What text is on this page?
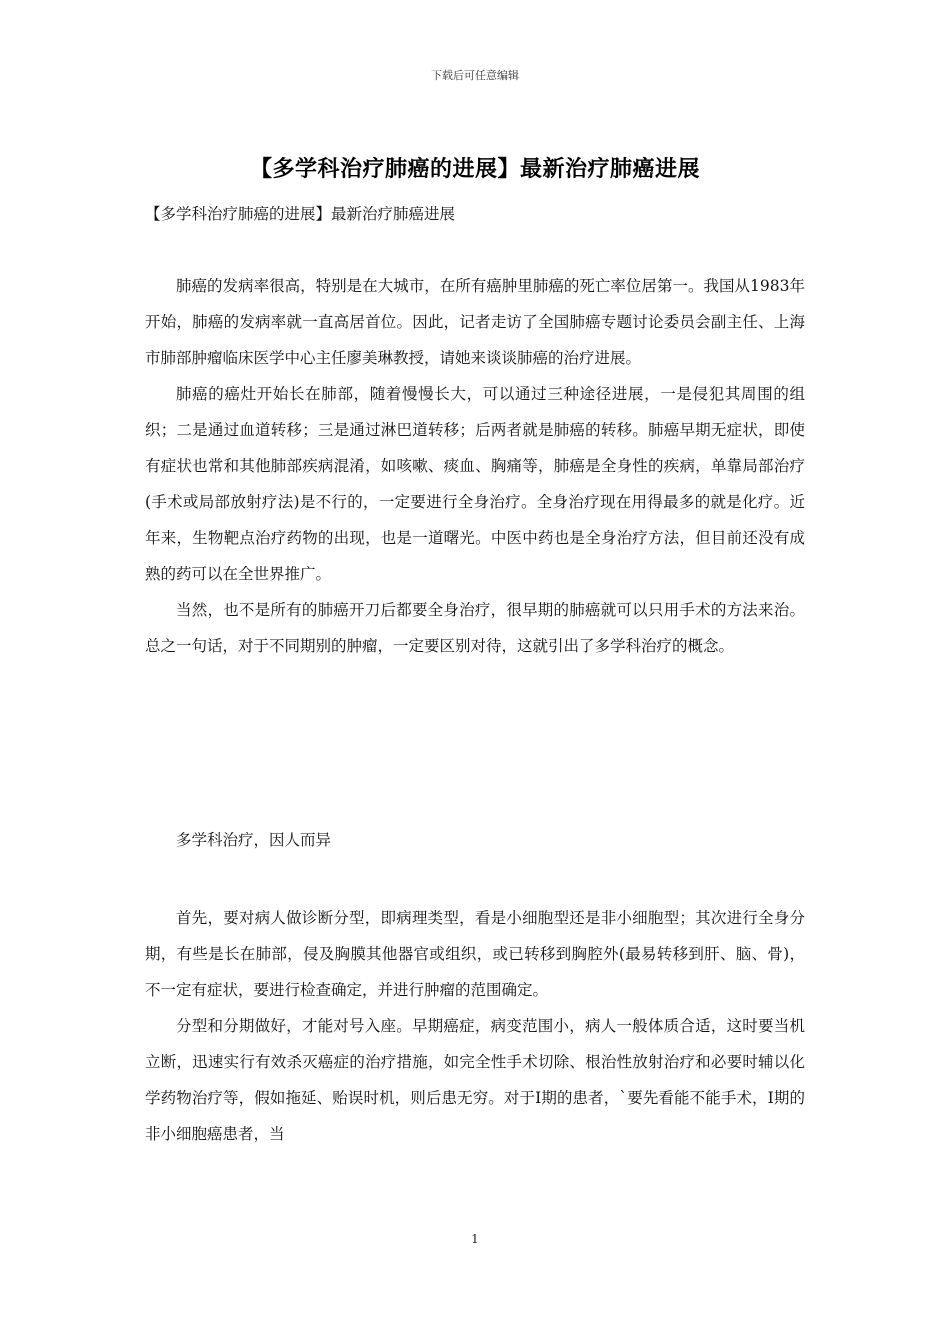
下载后可任意编辑
【多学科治疗肺癌的进展】最新治疗肺癌进展
【多学科治疗肺癌的进展】最新治疗肺癌进展

肺癌的发病率很高，特别是在大城市，在所有癌肿里肺癌的死亡率位居第一。我国从1983年开始，肺癌的发病率就一直高居首位。因此，记者走访了全国肺癌专题讨论委员会副主任、上海市肺部肿瘤临床医学中心主任廖美琳教授，请她来谈谈肺癌的治疗进展。

肺癌的癌灶开始长在肺部，随着慢慢长大，可以通过三种途径进展，一是侵犯其周围的组织；二是通过血道转移；三是通过淋巴道转移；后两者就是肺癌的转移。肺癌早期无症状，即使有症状也常和其他肺部疾病混淆，如咳嗽、痰血、胸痛等，肺癌是全身性的疾病，单靠局部治疗(手术或局部放射疗法)是不行的，一定要进行全身治疗。全身治疗现在用得最多的就是化疗。近年来，生物靶点治疗药物的出现，也是一道曙光。中医中药也是全身治疗方法，但目前还没有成熟的药可以在全世界推广。

当然，也不是所有的肺癌开刀后都要全身治疗，很早期的肺癌就可以只用手术的方法来治。总之一句话，对于不同期别的肿瘤，一定要区别对待，这就引出了多学科治疗的概念。

多学科治疗，因人而异

首先，要对病人做诊断分型，即病理类型，看是小细胞型还是非小细胞型；其次进行全身分期，有些是长在肺部，侵及胸膜其他器官或组织，或已转移到胸腔外(最易转移到肝、脑、骨)，不一定有症状，要进行检查确定，并进行肿瘤的范围确定。

分型和分期做好，才能对号入座。早期癌症，病变范围小，病人一般体质合适，这时要当机立断，迅速实行有效杀灭癌症的治疗措施，如完全性手术切除、根治性放射治疗和必要时辅以化学药物治疗等，假如拖延、贻误时机，则后患无穷。对于Ⅰ期的患者，`要先看能不能手术，Ⅰ期的非小细胞癌患者，当

1
